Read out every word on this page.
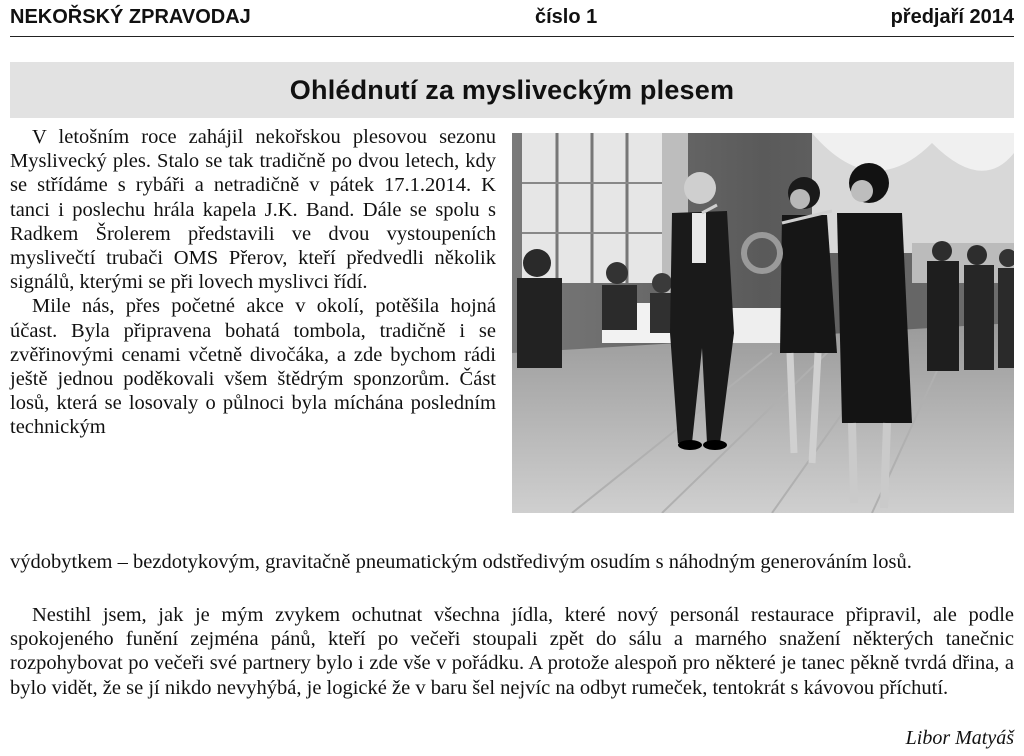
NEKOŘSKÝ ZPRAVODAJ	číslo 1	předjaří 2014
Ohlédnutí za mysliveckým plesem

V letošním roce zahájil nekořskou plesovou sezonu Myslivecký ples. Stalo se tak tradičně po dvou letech, kdy se střídáme s rybáři a netradičně v pátek 17.1.2014. K tanci i poslechu hrála kapela J.K. Band. Dále se spolu s Radkem Šrolerem představili ve dvou vystoupeních myslivečtí trubači OMS Přerov, kteří předvedli několik signálů, kterými se při lovech myslivci řídí.

Mile nás, přes početné akce v okolí, potěšila hojná účast. Byla připravena bohatá tombola, tradičně i se zvěřinovými cenami včetně divočáka, a zde bychom rádi ještě jednou poděkovali všem štědrým sponzorům. Část losů, která se losovaly o půlnoci byla míchána posledním technickým

výdobytkem – bezdotykovým, gravitačně pneumatickým odstředivým osudím s náhodným generováním losů.

Nestihl jsem, jak je mým zvykem ochutnat všechna jídla, které nový personál restaurace připravil, ale podle spokojeného funění zejména pánů, kteří po večeři stoupali zpět do sálu a marného snažení některých tanečnic rozpohybovat po večeři své partnery bylo i zde vše v pořádku. A protože alespoň pro některé je tanec pěkně tvrdá dřina, a bylo vidět, že se jí nikdo nevyhýbá, je logické že v baru šel nejvíc na odbyt rumeček, tentokrát s kávovou příchutí.

Libor Matyáš
